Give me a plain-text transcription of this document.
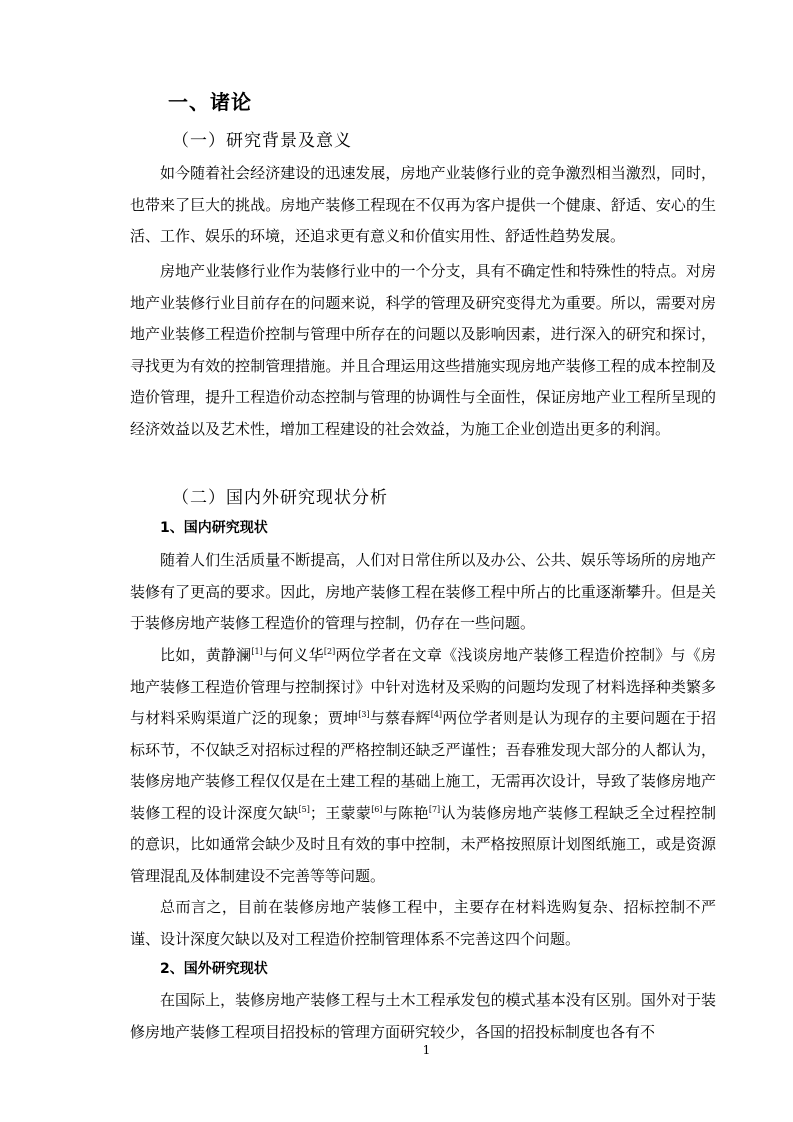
一、诸论
（一）研究背景及意义

如今随着社会经济建设的迅速发展，房地产业装修行业的竞争激烈相当激烈，同时，也带来了巨大的挑战。房地产装修工程现在不仅再为客户提供一个健康、舒适、安心的生活、工作、娱乐的环境，还追求更有意义和价值实用性、舒适性趋势发展。

房地产业装修行业作为装修行业中的一个分支，具有不确定性和特殊性的特点。对房地产业装修行业目前存在的问题来说，科学的管理及研究变得尤为重要。所以，需要对房地产业装修工程造价控制与管理中所存在的问题以及影响因素，进行深入的研究和探讨，寻找更为有效的控制管理措施。并且合理运用这些措施实现房地产装修工程的成本控制及造价管理，提升工程造价动态控制与管理的协调性与全面性，保证房地产业工程所呈现的经济效益以及艺术性，增加工程建设的社会效益，为施工企业创造出更多的利润。

（二）国内外研究现状分析
1、国内研究现状

随着人们生活质量不断提高，人们对日常住所以及办公、公共、娱乐等场所的房地产装修有了更高的要求。因此，房地产装修工程在装修工程中所占的比重逐渐攀升。但是关于装修房地产装修工程造价的管理与控制，仍存在一些问题。

比如，黄静澜[1]与何义华[2]两位学者在文章《浅谈房地产装修工程造价控制》与《房地产装修工程造价管理与控制探讨》中针对选材及采购的问题均发现了材料选择种类繁多与材料采购渠道广泛的现象；贾坤[3]与蔡春辉[4]两位学者则是认为现存的主要问题在于招标环节，不仅缺乏对招标过程的严格控制还缺乏严谨性；吾春雅发现大部分的人都认为，装修房地产装修工程仅仅是在土建工程的基础上施工，无需再次设计，导致了装修房地产装修工程的设计深度欠缺[5]；王蒙蒙[6]与陈艳[7]认为装修房地产装修工程缺乏全过程控制的意识，比如通常会缺少及时且有效的事中控制，未严格按照原计划图纸施工，或是资源管理混乱及体制建设不完善等等问题。

总而言之，目前在装修房地产装修工程中，主要存在材料选购复杂、招标控制不严谨、设计深度欠缺以及对工程造价控制管理体系不完善这四个问题。

2、国外研究现状

在国际上，装修房地产装修工程与土木工程承发包的模式基本没有区别。国外对于装修房地产装修工程项目招投标的管理方面研究较少，各国的招投标制度也各有不

1
